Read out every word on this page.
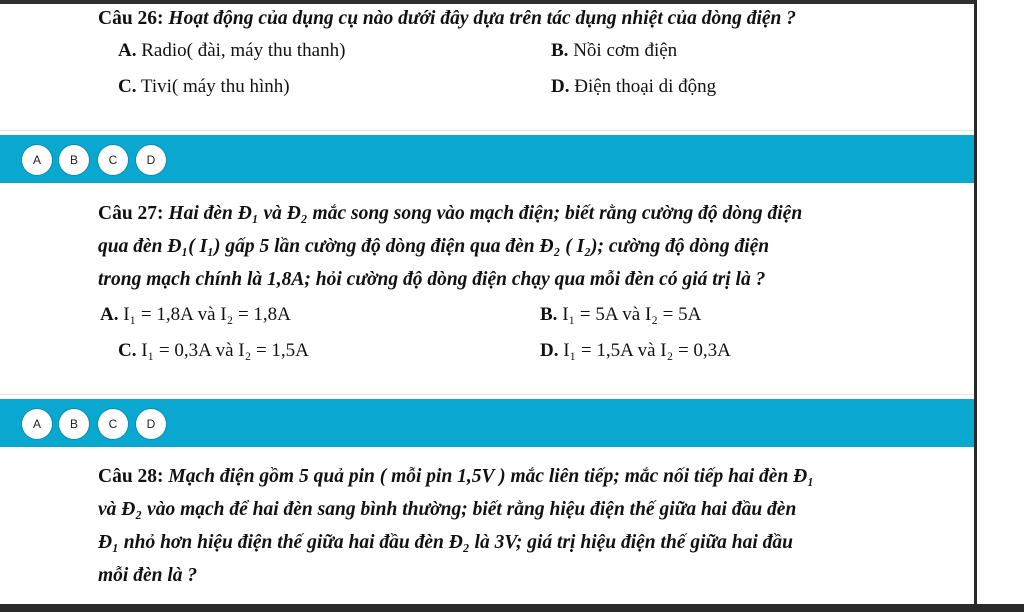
Câu 26: Hoạt động của dụng cụ nào dưới đây dựa trên tác dụng nhiệt của dòng điện ?
A. Radio( đài, máy thu thanh)	B. Nồi cơm điện
C. Tivi( máy thu hình)	D. Điện thoại di động
A	B	C	D
Câu 27: Hai đèn Đ₁ và Đ₂ mắc song song vào mạch điện; biết rằng cường độ dòng điện
qua đèn Đ₁( I₁) gấp 5 lần cường độ dòng điện qua đèn Đ₂ ( I₂); cường độ dòng điện
trong mạch chính là 1,8A; hỏi cường độ dòng điện chạy qua mỗi đèn có giá trị là ?
A. I₁ = 1,8A và I₂ = 1,8A	B. I₁ = 5A và I₂ = 5A
C. I₁ = 0,3A và I₂ = 1,5A	D. I₁ = 1,5A và I₂ = 0,3A
A	B	C	D
Câu 28: Mạch điện gồm 5 quả pin ( mỗi pin 1,5V ) mắc liên tiếp; mắc nối tiếp hai đèn Đ₁
và Đ₂ vào mạch để hai đèn sang bình thường; biết rằng hiệu điện thế giữa hai đầu đèn
Đ₁ nhỏ hơn hiệu điện thế giữa hai đầu đèn Đ₂ là 3V; giá trị hiệu điện thế giữa hai đầu
mỗi đèn là ?
